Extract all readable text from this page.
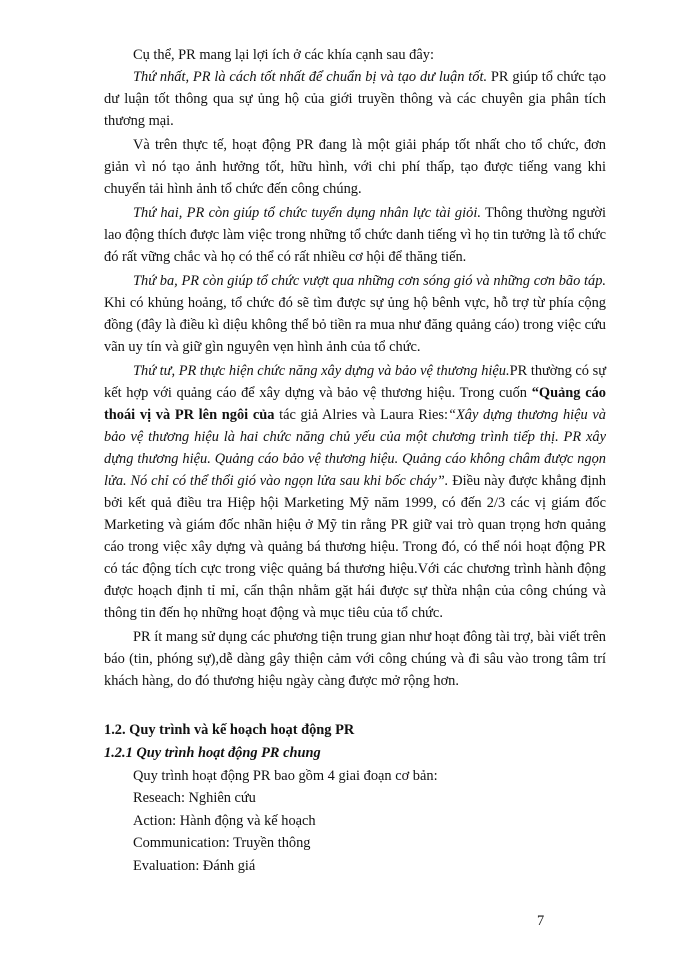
Cụ thể, PR mang lại lợi ích ở các khía cạnh sau đây:

Thứ nhất, PR là cách tốt nhất để chuẩn bị và tạo dư luận tốt. PR giúp tổ chức tạo dư luận tốt thông qua sự ủng hộ của giới truyền thông và các chuyên gia phân tích thương mại.

Và trên thực tế, hoạt động PR đang là một giải pháp tốt nhất cho tổ chức, đơn giản vì nó tạo ảnh hưởng tốt, hữu hình, với chi phí thấp, tạo được tiếng vang khi chuyển tải hình ảnh tổ chức đến công chúng.

Thứ hai, PR còn giúp tổ chức tuyển dụng nhân lực tài giỏi. Thông thường người lao động thích được làm việc trong những tổ chức danh tiếng vì họ tin tưởng là tổ chức đó rất vững chắc và họ có thể có rất nhiều cơ hội để thăng tiến.

Thứ ba, PR còn giúp tổ chức vượt qua những cơn sóng gió và những cơn bão táp. Khi có khủng hoảng, tổ chức đó sẽ tìm được sự ủng hộ bênh vực, hỗ trợ từ phía cộng đồng (đây là điều kì diệu không thể bỏ tiền ra mua như đăng quảng cáo) trong việc cứu vãn uy tín và giữ gìn nguyên vẹn hình ảnh của tổ chức.

Thứ tư, PR thực hiện chức năng xây dựng và bảo vệ thương hiệu.PR thường có sự kết hợp với quảng cáo để xây dựng và bảo vệ thương hiệu. Trong cuốn “Quảng cáo thoái vị và PR lên ngôi của tác giả Alries và Laura Ries:“Xây dựng thương hiệu và bảo vệ thương hiệu là hai chức năng chủ yếu của một chương trình tiếp thị. PR xây dựng thương hiệu. Quảng cáo bảo vệ thương hiệu. Quảng cáo không châm được ngọn lửa. Nó chỉ có thể thổi gió vào ngọn lửa sau khi bốc cháy”. Điều này được khẳng định bởi kết quả điều tra Hiệp hội Marketing Mỹ năm 1999, có đến 2/3 các vị giám đốc Marketing và giám đốc nhãn hiệu ở Mỹ tin rằng PR giữ vai trò quan trọng hơn quảng cáo trong việc xây dựng và quảng bá thương hiệu. Trong đó, có thể nói hoạt động PR có tác động tích cực trong việc quảng bá thương hiệu.Với các chương trình hành động được hoạch định tỉ mỉ, cẩn thận nhằm gặt hái được sự thừa nhận của công chúng và thông tin đến họ những hoạt động và mục tiêu của tổ chức.

PR ít mang sử dụng các phương tiện trung gian như hoạt đông tài trợ, bài viết trên báo (tin, phóng sự),dễ dàng gây thiện cảm với công chúng và đi sâu vào trong tâm trí khách hàng, do đó thương hiệu ngày càng được mở rộng hơn.

1.2. Quy trình và kế hoạch hoạt động PR
1.2.1 Quy trình hoạt động PR chung
Quy trình hoạt động PR bao gồm 4 giai đoạn cơ bản:
Reseach: Nghiên cứu
Action: Hành động và kế hoạch
Communication: Truyền thông
Evaluation: Đánh giá
7
